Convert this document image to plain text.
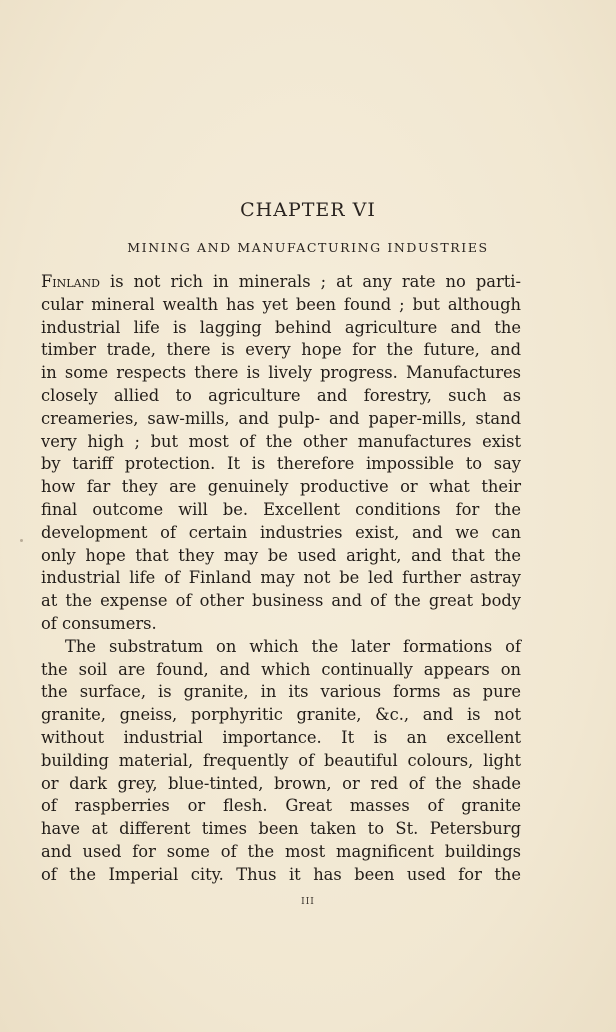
CHAPTER VI
MINING AND MANUFACTURING INDUSTRIES
Finland is not rich in minerals ; at any rate no parti-
cular mineral wealth has yet been found ; but although
industrial life is lagging behind agriculture and the
timber trade, there is every hope for the future, and
in some respects there is lively progress. Manufactures
closely allied to agriculture and forestry, such as
creameries, saw-mills, and pulp- and paper-mills, stand
very high ; but most of the other manufactures exist
by tariff protection. It is therefore impossible to say
how far they are genuinely productive or what their
final outcome will be. Excellent conditions for the
development of certain industries exist, and we can
only hope that they may be used aright, and that the
industrial life of Finland may not be led further astray
at the expense of other business and of the great body
of consumers.
The substratum on which the later formations of
the soil are found, and which continually appears on
the surface, is granite, in its various forms as pure
granite, gneiss, porphyritic granite, &c., and is not
without industrial importance. It is an excellent
building material, frequently of beautiful colours, light
or dark grey, blue-tinted, brown, or red of the shade
of raspberries or flesh. Great masses of granite
have at different times been taken to St. Petersburg
and used for some of the most magnificent buildings
of the Imperial city. Thus it has been used for the
III
